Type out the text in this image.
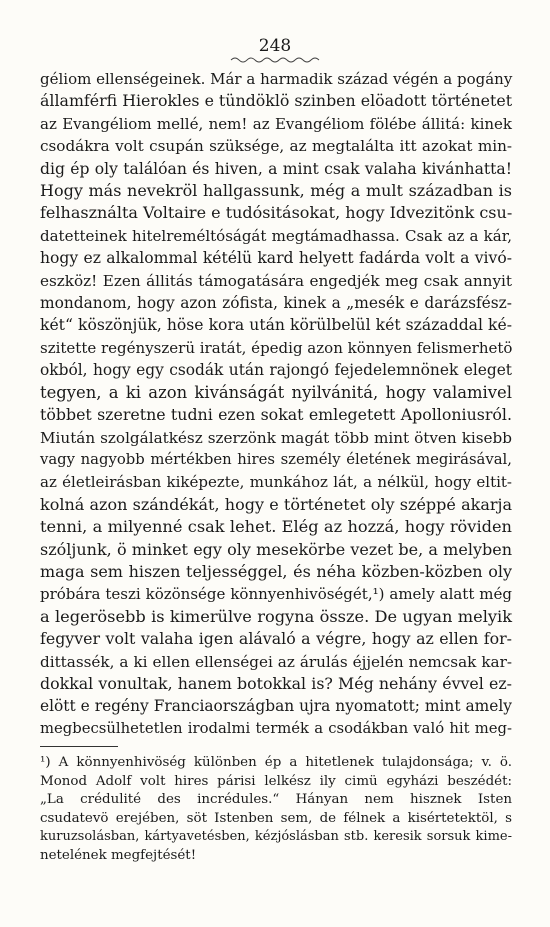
248
géliom ellenségeinek. Már a harmadik század végén a pogány
államférfi Hierokles e tündöklö szinben elöadott történetet
az Evangéliom mellé, nem! az Evangéliom fölébe állitá: kinek
csodákra volt csupán szüksége, az megtalálta itt azokat min-
dig ép oly találóan és hiven, a mint csak valaha kivánhatta!
Hogy más nevekröl hallgassunk, még a mult században is
felhasználta Voltaire e tudósitásokat, hogy Idvezitönk csu-
datetteinek hitelreméltóságát megtámadhassa. Csak az a kár,
hogy ez alkalommal kétélü kard helyett fadárda volt a vivó-
eszköz! Ezen állitás támogatására engedjék meg csak annyit
mondanom, hogy azon zófista, kinek a „mesék e darázsfész-
két“ köszönjük, höse kora után körülbelül két századdal ké-
szitette regényszerü iratát, épedig azon könnyen felismerhetö
okból, hogy egy csodák után rajongó fejedelemnönek eleget
tegyen, a ki azon kivánságát nyilvánitá, hogy valamivel
többet szeretne tudni ezen sokat emlegetett Apolloniusról.
Miután szolgálatkész szerzönk magát több mint ötven kisebb
vagy nagyobb mértékben hires személy életének megirásával,
az életleirásban kiképezte, munkához lát, a nélkül, hogy eltit-
kolná azon szándékát, hogy e történetet oly széppé akarja
tenni, a milyenné csak lehet. Elég az hozzá, hogy röviden
szóljunk, ö minket egy oly mesekörbe vezet be, a melyben
maga sem hiszen teljességgel, és néha közben-közben oly
próbára teszi közönsége könnyenhivöségét,¹) amely alatt még
a legerösebb is kimerülve rogyna össze. De ugyan melyik
fegyver volt valaha igen alávaló a végre, hogy az ellen for-
dittassék, a ki ellen ellenségei az árulás éjjelén nemcsak kar-
dokkal vonultak, hanem botokkal is? Még nehány évvel ez-
elött e regény Franciaországban ujra nyomatott; mint amely
megbecsülhetetlen irodalmi termék a csodákban való hit meg-
¹) A könnyenhivöség különben ép a hitetlenek tulajdonsága; v. ö.
Monod Adolf volt hires párisi lelkész ily cimü egyházi beszédét:
„La crédulité des incrédules.“ Hányan nem hisznek Isten
csudatevö erejében, söt Istenben sem, de félnek a kisértetektöl, s
kuruzsolásban, kártyavetésben, kézjóslásban stb. keresik sorsuk kime-
netelének megfejtését!
